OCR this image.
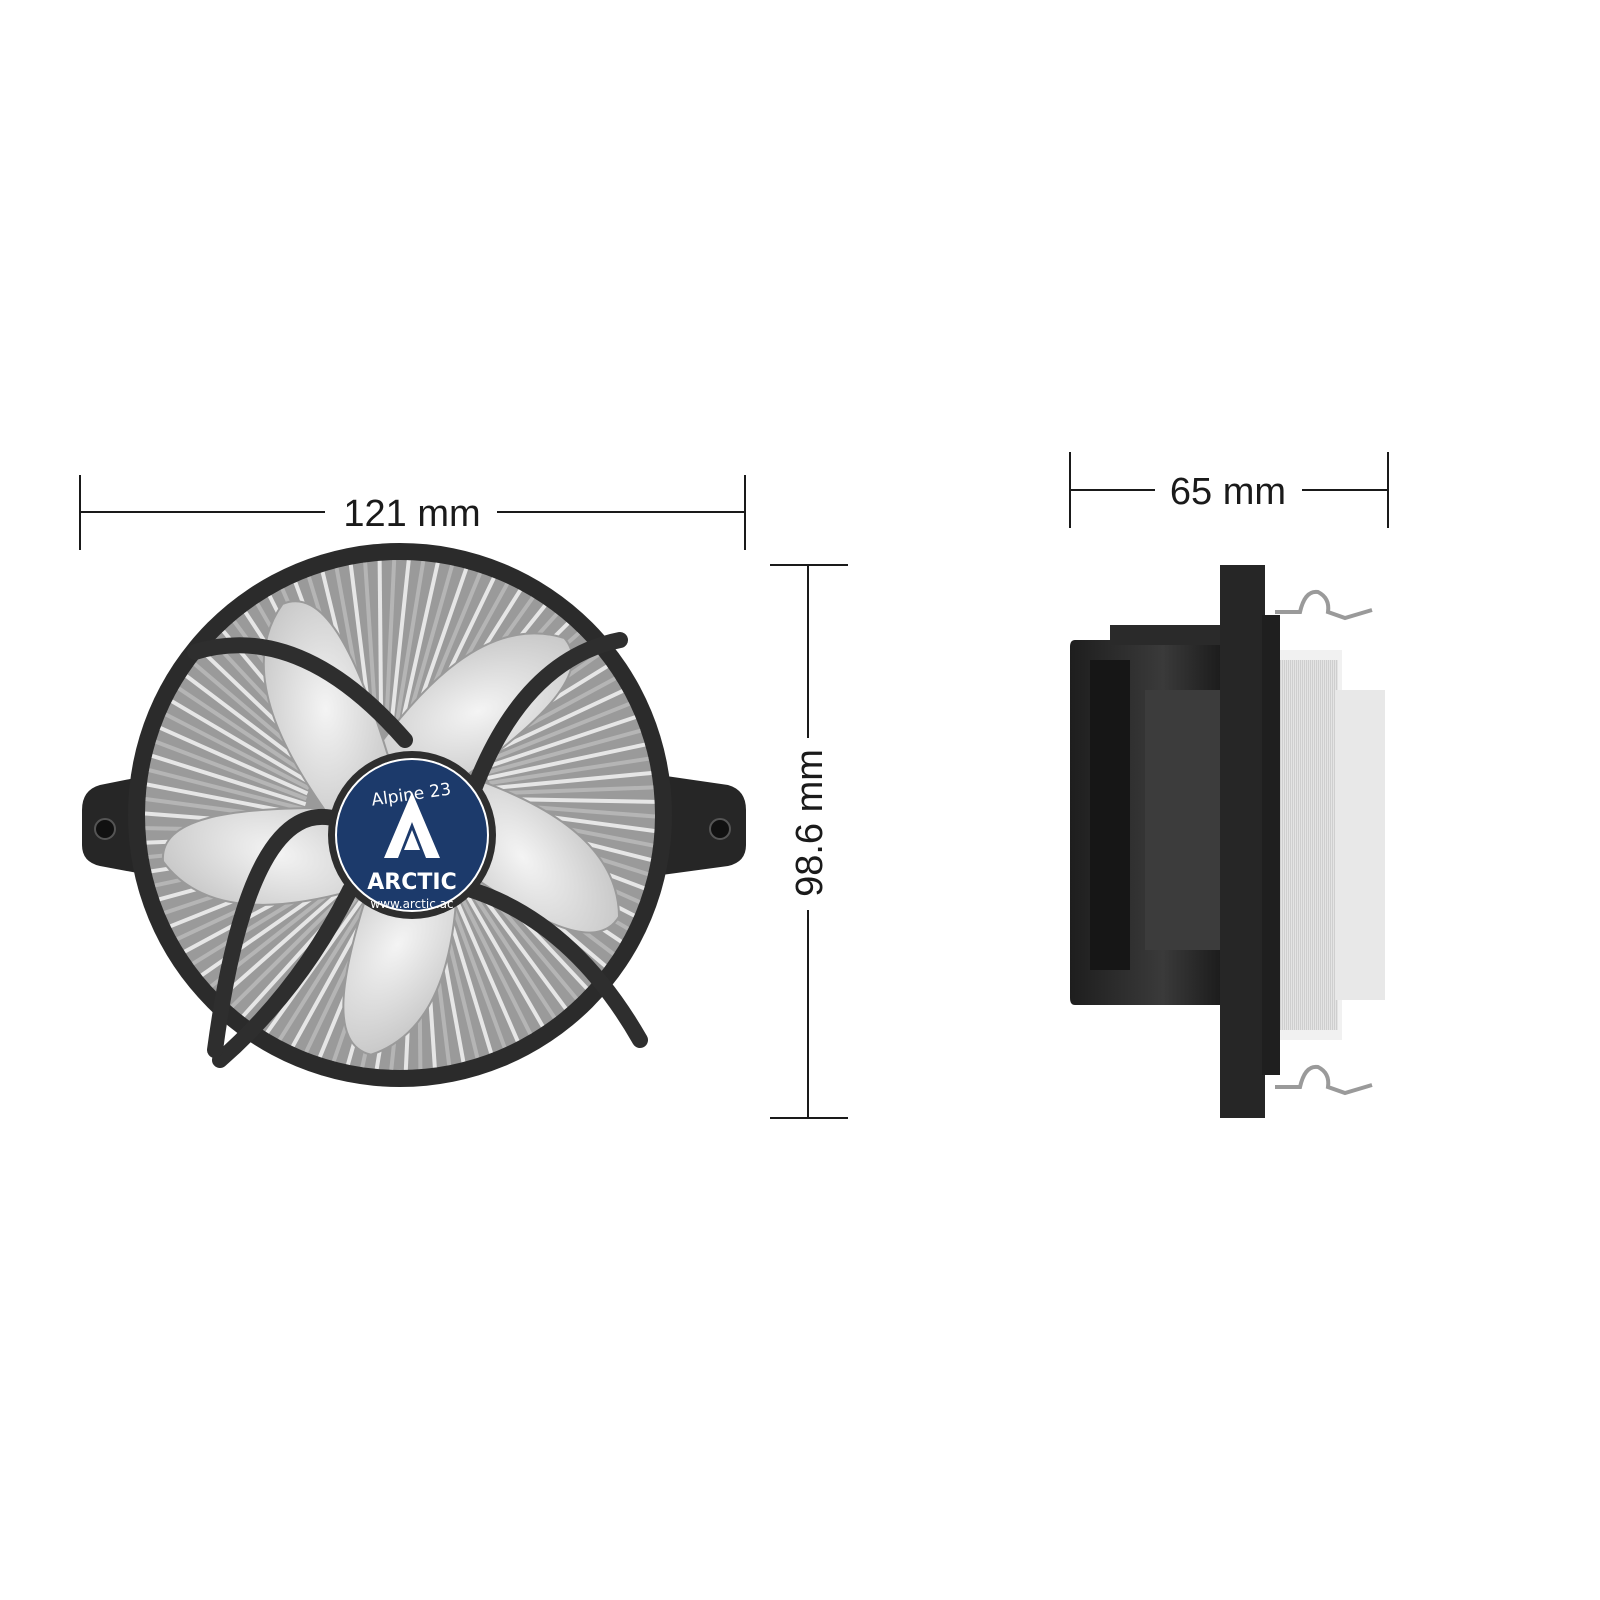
121 mm
98.6 mm
65 mm
Alpine 23
ARCTIC
www.arctic.ac
